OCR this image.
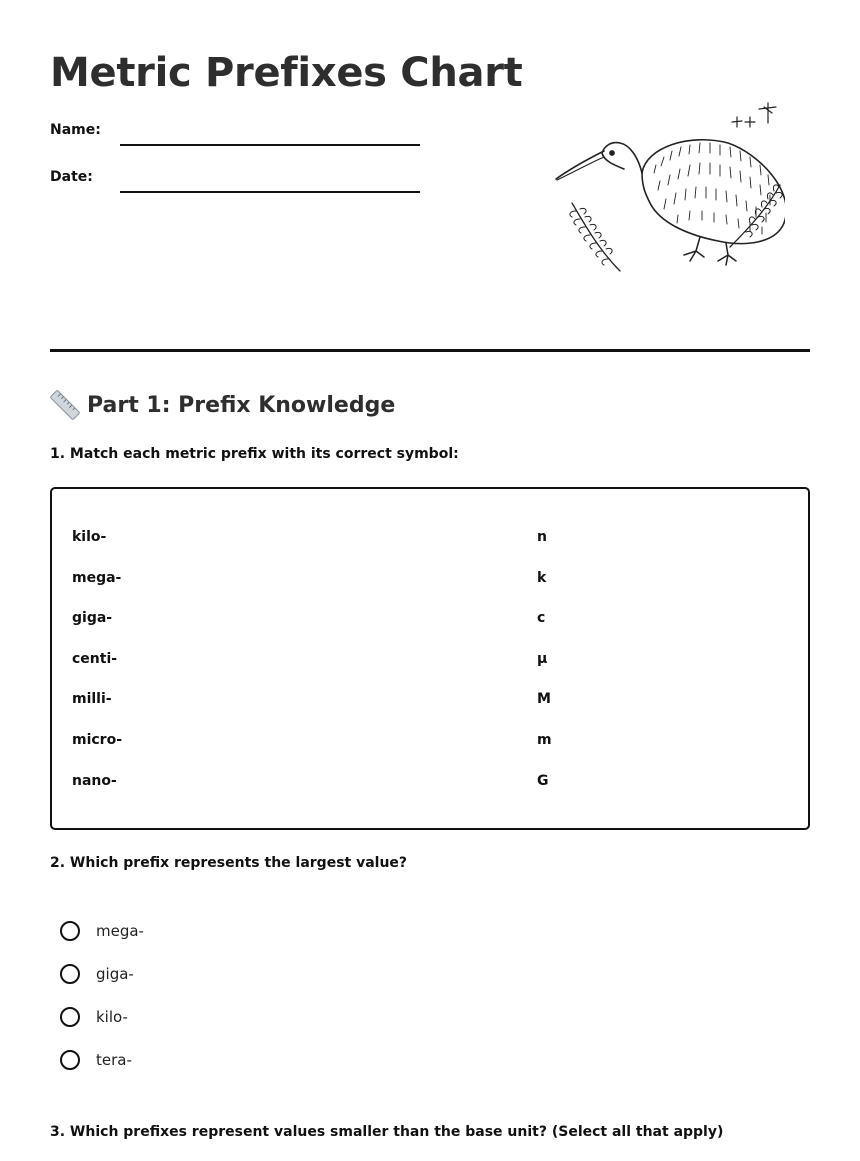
Metric Prefixes Chart
Name:
Date:
Part 1: Prefix Knowledge
1. Match each metric prefix with its correct symbol:
kilo-	n
mega-	k
giga-	c
centi-	μ
milli-	M
micro-	m
nano-	G
2. Which prefix represents the largest value?
mega-
giga-
kilo-
tera-
3. Which prefixes represent values smaller than the base unit? (Select all that apply)
